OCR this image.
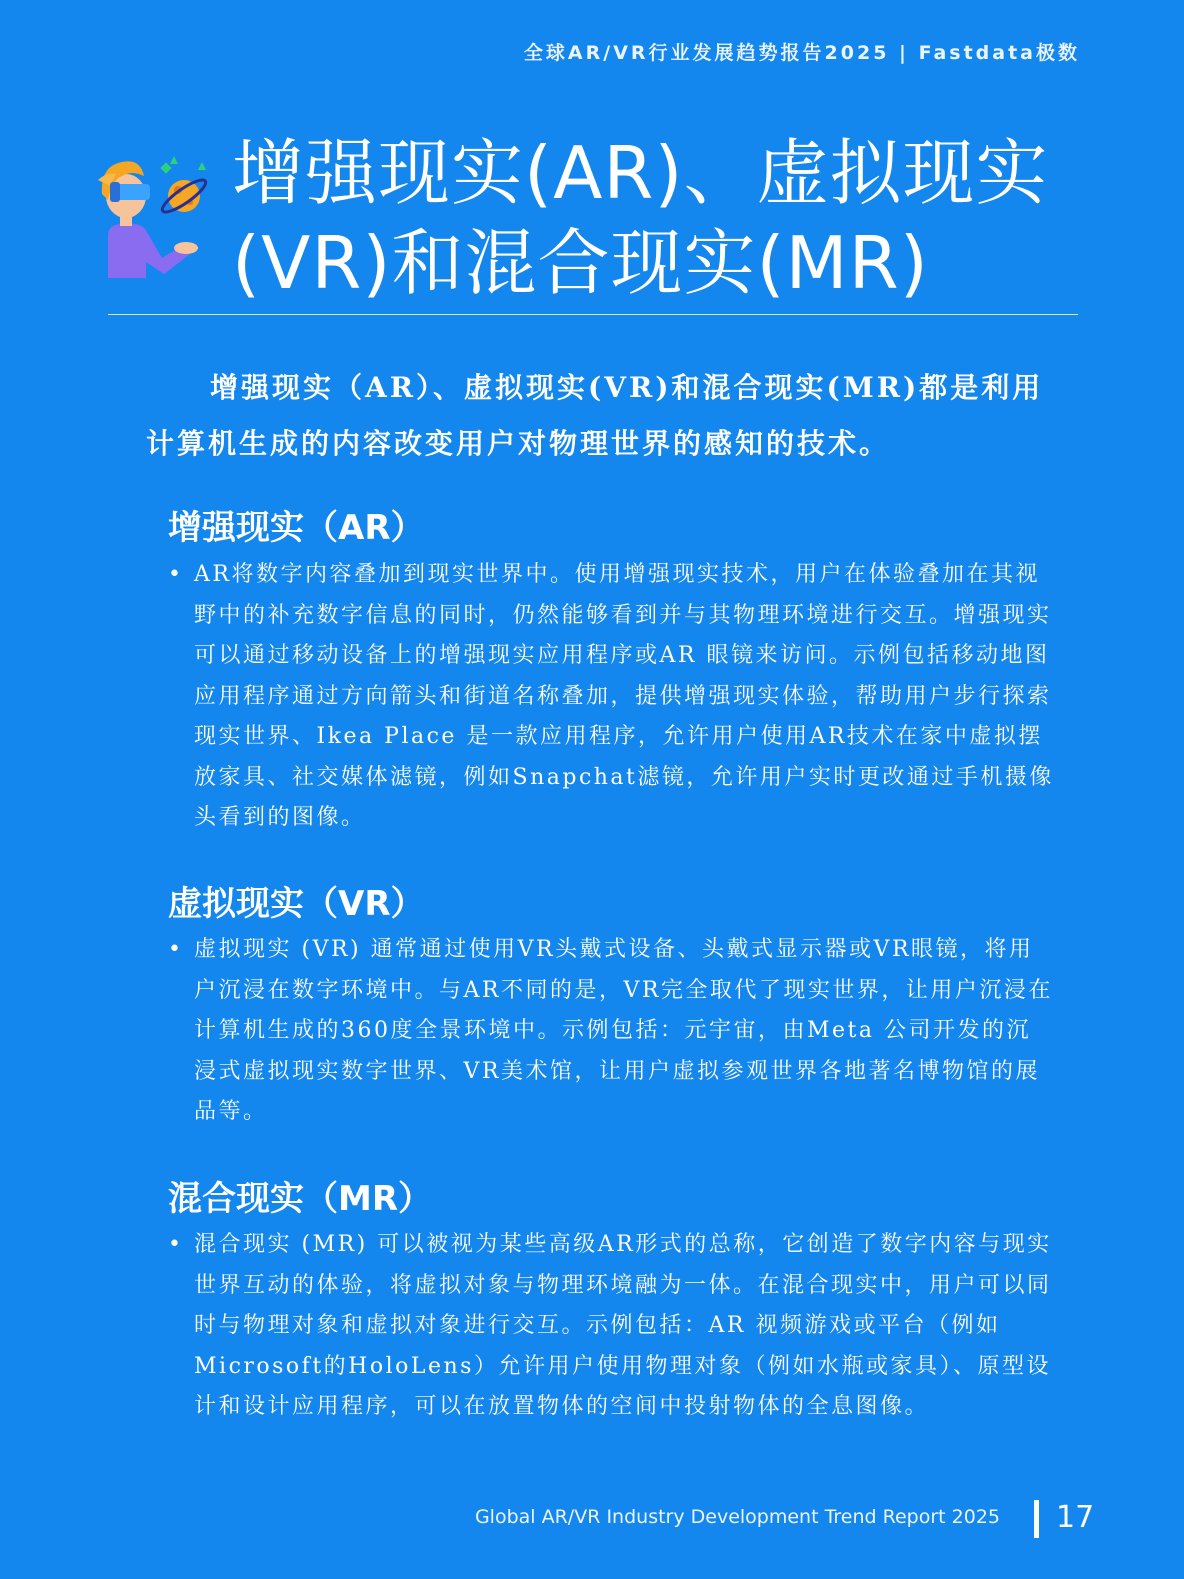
全球AR/VR行业发展趋势报告2025 | Fastdata极数
增强现实(AR)、虚拟现实
(VR)和混合现实(MR)

增强现实（AR）、虚拟现实(VR)和混合现实(MR)都是利用计算机生成的内容改变用户对物理世界的感知的技术。

增强现实（AR）
• AR将数字内容叠加到现实世界中。使用增强现实技术，用户在体验叠加在其视野中的补充数字信息的同时，仍然能够看到并与其物理环境进行交互。增强现实可以通过移动设备上的增强现实应用程序或AR 眼镜来访问。示例包括移动地图应用程序通过方向箭头和街道名称叠加，提供增强现实体验，帮助用户步行探索现实世界、Ikea Place 是一款应用程序，允许用户使用AR技术在家中虚拟摆放家具、社交媒体滤镜，例如Snapchat滤镜，允许用户实时更改通过手机摄像头看到的图像。
虚拟现实（VR）
• 虚拟现实 (VR) 通常通过使用VR头戴式设备、头戴式显示器或VR眼镜，将用户沉浸在数字环境中。与AR不同的是，VR完全取代了现实世界，让用户沉浸在计算机生成的360度全景环境中。示例包括：元宇宙，由Meta 公司开发的沉浸式虚拟现实数字世界、VR美术馆，让用户虚拟参观世界各地著名博物馆的展品等。
混合现实（MR）
• 混合现实 (MR) 可以被视为某些高级AR形式的总称，它创造了数字内容与现实世界互动的体验，将虚拟对象与物理环境融为一体。在混合现实中，用户可以同时与物理对象和虚拟对象进行交互。示例包括：AR 视频游戏或平台（例如Microsoft的HoloLens）允许用户使用物理对象（例如水瓶或家具）、原型设计和设计应用程序，可以在放置物体的空间中投射物体的全息图像。
Global AR/VR Industry Development Trend Report 2025 17
